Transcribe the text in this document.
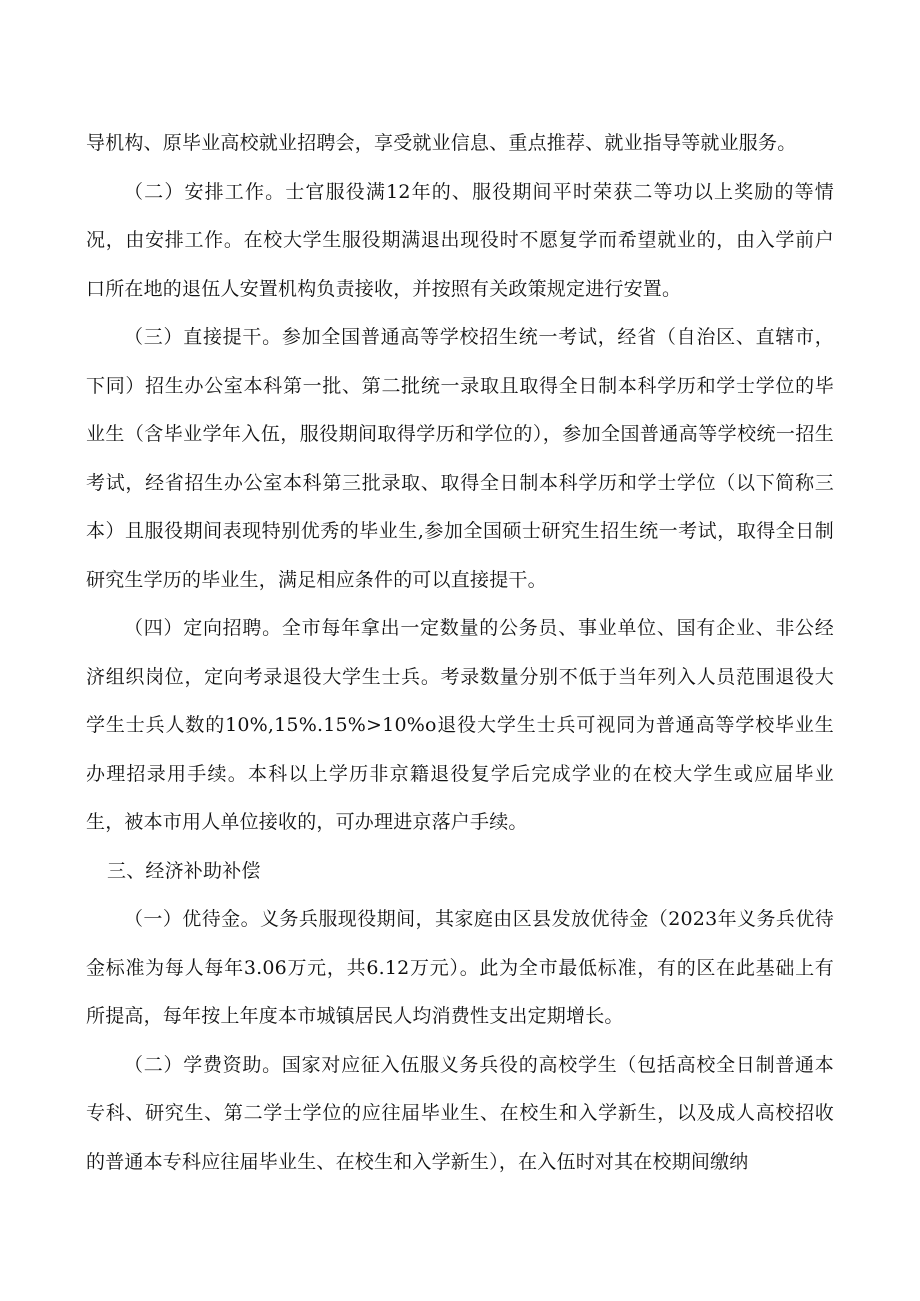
导机构、原毕业高校就业招聘会，享受就业信息、重点推荐、就业指导等就业服务。

（二）安排工作。士官服役满12年的、服役期间平时荣获二等功以上奖励的等情况，由安排工作。在校大学生服役期满退出现役时不愿复学而希望就业的，由入学前户口所在地的退伍人安置机构负责接收，并按照有关政策规定进行安置。

（三）直接提干。参加全国普通高等学校招生统一考试，经省（自治区、直辖市，下同）招生办公室本科第一批、第二批统一录取且取得全日制本科学历和学士学位的毕业生（含毕业学年入伍，服役期间取得学历和学位的），参加全国普通高等学校统一招生考试，经省招生办公室本科第三批录取、取得全日制本科学历和学士学位（以下简称三本）且服役期间表现特别优秀的毕业生,参加全国硕士研究生招生统一考试，取得全日制研究生学历的毕业生，满足相应条件的可以直接提干。

（四）定向招聘。全市每年拿出一定数量的公务员、事业单位、国有企业、非公经济组织岗位，定向考录退役大学生士兵。考录数量分别不低于当年列入人员范围退役大学生士兵人数的10%,15%.15%>10%o退役大学生士兵可视同为普通高等学校毕业生办理招录用手续。本科以上学历非京籍退役复学后完成学业的在校大学生或应届毕业生，被本市用人单位接收的，可办理进京落户手续。

三、经济补助补偿

（一）优待金。义务兵服现役期间，其家庭由区县发放优待金（2023年义务兵优待金标准为每人每年3.06万元，共6.12万元）。此为全市最低标准，有的区在此基础上有所提高，每年按上年度本市城镇居民人均消费性支出定期增长。

（二）学费资助。国家对应征入伍服义务兵役的高校学生（包括高校全日制普通本专科、研究生、第二学士学位的应往届毕业生、在校生和入学新生，以及成人高校招收的普通本专科应往届毕业生、在校生和入学新生），在入伍时对其在校期间缴纳
